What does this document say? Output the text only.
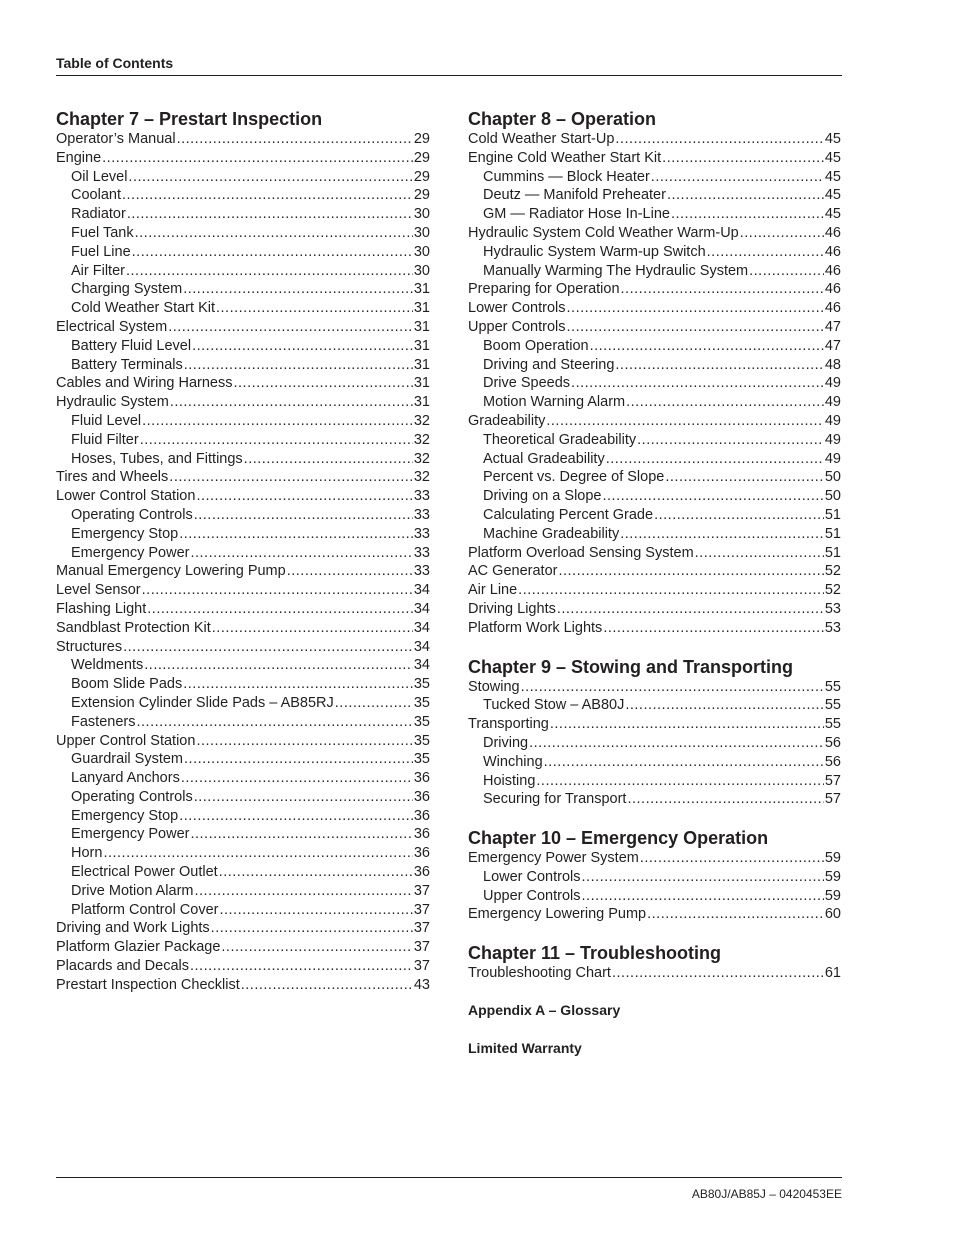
Table of Contents
Chapter 7 – Prestart Inspection
Operator’s Manual .....	29
Engine .....	29
Oil Level .....	29
Coolant .....	29
Radiator .....	30
Fuel Tank .....	30
Fuel Line .....	30
Air Filter .....	30
Charging System .....	31
Cold Weather Start Kit .....	31
Electrical System .....	31
Battery Fluid Level .....	31
Battery Terminals .....	31
Cables and Wiring Harness .....	31
Hydraulic System .....	31
Fluid Level .....	32
Fluid Filter .....	32
Hoses, Tubes, and Fittings .....	32
Tires and Wheels .....	32
Lower Control Station .....	33
Operating Controls .....	33
Emergency Stop .....	33
Emergency Power .....	33
Manual Emergency Lowering Pump .....	33
Level Sensor .....	34
Flashing Light .....	34
Sandblast Protection Kit .....	34
Structures .....	34
Weldments .....	34
Boom Slide Pads .....	35
Extension Cylinder Slide Pads – AB85RJ .....	35
Fasteners .....	35
Upper Control Station .....	35
Guardrail System .....	35
Lanyard Anchors .....	36
Operating Controls .....	36
Emergency Stop .....	36
Emergency Power .....	36
Horn .....	36
Electrical Power Outlet .....	36
Drive Motion Alarm .....	37
Platform Control Cover .....	37
Driving and Work Lights .....	37
Platform Glazier Package .....	37
Placards and Decals .....	37
Prestart Inspection Checklist .....	43
Chapter 8 – Operation
Cold Weather Start-Up .....	45
Engine Cold Weather Start Kit .....	45
Cummins — Block Heater .....	45
Deutz — Manifold Preheater .....	45
GM — Radiator Hose In-Line .....	45
Hydraulic System Cold Weather Warm-Up .....	46
Hydraulic System Warm-up Switch .....	46
Manually Warming The Hydraulic System .....	46
Preparing for Operation .....	46
Lower Controls .....	46
Upper Controls .....	47
Boom Operation .....	47
Driving and Steering .....	48
Drive Speeds .....	49
Motion Warning Alarm .....	49
Gradeability .....	49
Theoretical Gradeability .....	49
Actual Gradeability .....	49
Percent vs. Degree of Slope .....	50
Driving on a Slope .....	50
Calculating Percent Grade .....	51
Machine Gradeability .....	51
Platform Overload Sensing System .....	51
AC Generator .....	52
Air Line .....	52
Driving Lights .....	53
Platform Work Lights .....	53
Chapter 9 – Stowing and Transporting
Stowing .....	55
Tucked Stow – AB80J .....	55
Transporting .....	55
Driving .....	56
Winching .....	56
Hoisting .....	57
Securing for Transport .....	57
Chapter 10 – Emergency Operation
Emergency Power System .....	59
Lower Controls .....	59
Upper Controls .....	59
Emergency Lowering Pump .....	60
Chapter 11 – Troubleshooting
Troubleshooting Chart .....	61

Appendix A – Glossary

Limited Warranty

AB80J/AB85J – 0420453EE
